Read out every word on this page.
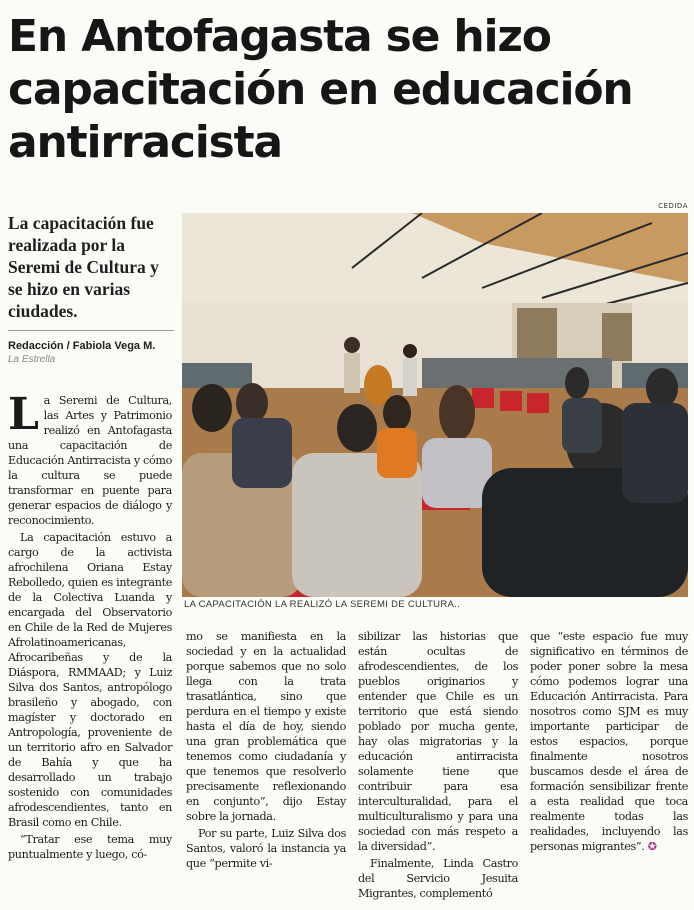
En Antofagasta se hizo capacitación en educación antirracista
CEDIDA
La capacitación fue realizada por la Seremi de Cultura y se hizo en varias ciudades.
Redacción / Fabiola Vega M.
La Estrella
LA CAPACITACIÓN LA REALIZÓ LA SEREMI DE CULTURA..

La Seremi de Cultura, las Artes y Patrimonio realizó en Antofagasta una capacitación de Educación Antirracista y cómo la cultura se puede transformar en puente para generar espacios de diálogo y reconocimiento.

La capacitación estuvo a cargo de la activista afrochilena Oriana Estay Rebolledo, quien es integrante de la Colectiva Luanda y encargada del Observatorio en Chile de la Red de Mujeres Afrolatinoamericanas, Afrocaribeñas y de la Diáspora, RMMAAD; y Luiz Silva dos Santos, antropólogo brasileño y abogado, con magíster y doctorado en Antropología, proveniente de un territorio afro en Salvador de Bahía y que ha desarrollado un trabajo sostenido con comunidades afrodescendientes, tanto en Brasil como en Chile.

“Tratar ese tema muy puntualmente y luego, có-

mo se manifiesta en la sociedad y en la actualidad porque sabemos que no solo llega con la trata trasatlántica, sino que perdura en el tiempo y existe hasta el día de hoy, siendo una gran problemática que tenemos como ciudadanía y que tenemos que resolverlo precisamente reflexionando en conjunto”, dijo Estay sobre la jornada.

Por su parte, Luiz Silva dos Santos, valoró la instancia ya que “permite vi-

sibilizar las historias que están ocultas de afrodescendientes, de los pueblos originarios y entender que Chile es un territorio que está siendo poblado por mucha gente, hay olas migratorias y la educación antirracista solamente tiene que contribuir para esa interculturalidad, para el multiculturalismo y para una sociedad con más respeto a la diversidad”.

Finalmente, Linda Castro del Servicio Jesuita Migrantes, complementó

que “este espacio fue muy significativo en términos de poder poner sobre la mesa cómo podemos lograr una Educación Antirracista. Para nosotros como SJM es muy importante participar de estos espacios, porque finalmente nosotros buscamos desde el área de formación sensibilizar frente a esta realidad que toca realmente todas las realidades, incluyendo las personas migrantes”. ✪
